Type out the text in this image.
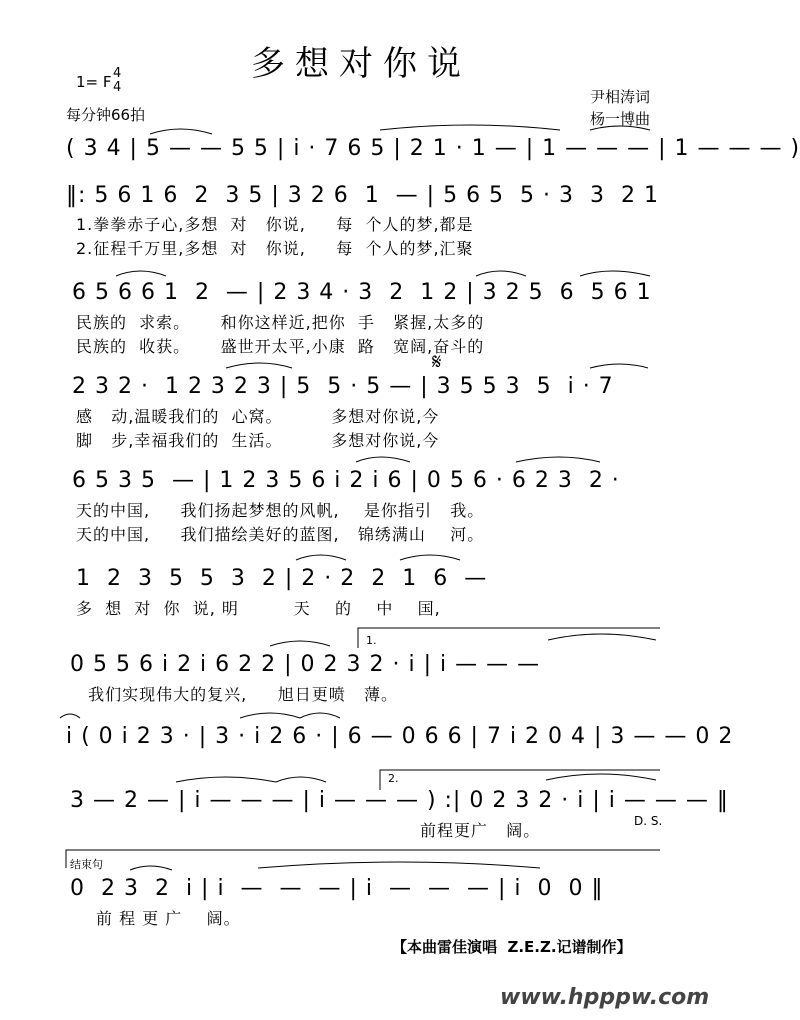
多想对你说
1= F 4
4
每分钟66拍
尹相涛词
杨一博曲
( 3 4 | 5 — — 5 5 | i · 7 6 5 | 2 1 · 1 — | 1 — — — | 1 — — — )
‖: 5 6 1 6  2  3 5 | 3 2 6  1  — | 5 6 5  5 · 3  3  2 1
1.拳拳赤子心,多想  对   你说,     每  个人的梦,都是
2.征程千万里,多想  对   你说,     每  个人的梦,汇聚
6 5 6 6 1  2  — | 2 3 4 · 3  2  1 2 | 3 2 5  6  5 6 1
民族的  求索。     和你这样近,把你  手   紧握,太多的
民族的  收获。     盛世开太平,小康  路   宽阔,奋斗的
𝄋
2 3 2 ·  1 2 3 2 3 | 5  5 · 5 — | 3 5 5 3  5  i · 7
感   动,温暖我们的  心窝。        多想对你说,今
脚   步,幸福我们的  生活。        多想对你说,今
6 5 3 5  — | 1 2 3 5 6 i 2 i 6 | 0 5 6 · 6 2 3  2 ·
天的中国,     我们扬起梦想的风帆,    是你指引   我。
天的中国,     我们描绘美好的蓝图,   锦绣满山    河。
1  2  3  5  5  3  2 | 2 · 2  2  1  6  —
多  想  对  你  说, 明         天    的    中    国,
1.
0 5 5 6 i 2 i 6 2 2 | 0 2 3 2 · i | i — — —
我们实现伟大的复兴,     旭日更喷   薄。
i ( 0 i 2 3 · | 3 · i 2 6 · | 6 — 0 6 6 | 7 i 2 0 4 | 3 — — 0 2
2.
3 — 2 — | i — — — | i — — — ) :| 0 2 3 2 · i | i — — — ‖
前程更广   阔。	D. S.
结束句
0  2 3  2  i | i  —  —  — | i  —  —  — | i  0  0 ‖
前 程 更 广    阔。
【本曲雷佳演唱  Z.E.Z.记谱制作】
www.hpppw.com
